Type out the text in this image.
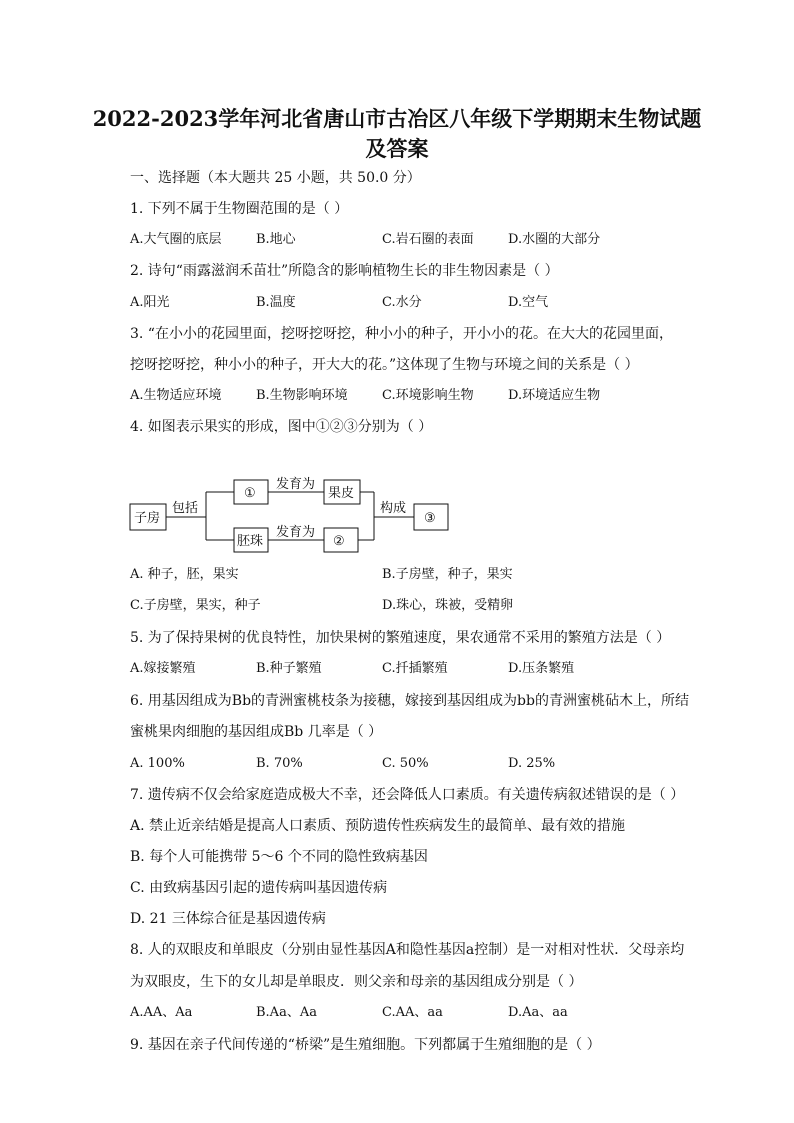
2022-2023学年河北省唐山市古冶区八年级下学期期末生物试题
及答案
一、选择题（本大题共 25 小题，共 50.0 分）
1. 下列不属于生物圈范围的是（ ）
A.大气圈的底层	B.地心	C.岩石圈的表面	D.水圈的大部分
2. 诗句“雨露滋润禾苗壮”所隐含的影响植物生长的非生物因素是（ ）
A.阳光	B.温度	C.水分	D.空气
3. “在小小的花园里面，挖呀挖呀挖，种小小的种子，开小小的花。在大大的花园里面，
挖呀挖呀挖，种小小的种子，开大大的花。”这体现了生物与环境之间的关系是（ ）
A.生物适应环境	B.生物影响环境	C.环境影响生物	D.环境适应生物
4. 如图表示果实的形成，图中①②③分别为（ ）
子房
包括
①
发育为
果皮
胚珠
发育为
②
构成
③
A. 种子，胚，果实	B.子房壁，种子，果实
C.子房壁，果实，种子	D.珠心，珠被，受精卵
5. 为了保持果树的优良特性，加快果树的繁殖速度，果农通常不采用的繁殖方法是（ ）
A.嫁接繁殖	B.种子繁殖	C.扦插繁殖	D.压条繁殖
6. 用基因组成为Bb的青洲蜜桃枝条为接穗，嫁接到基因组成为bb的青洲蜜桃砧木上，所结
蜜桃果肉细胞的基因组成Bb 几率是（ ）
A. 100%	B. 70%	C. 50%	D. 25%
7. 遗传病不仅会给家庭造成极大不幸，还会降低人口素质。有关遗传病叙述错误的是（ ）
A. 禁止近亲结婚是提高人口素质、预防遗传性疾病发生的最简单、最有效的措施
B. 每个人可能携带 5～6 个不同的隐性致病基因
C. 由致病基因引起的遗传病叫基因遗传病
D. 21 三体综合征是基因遗传病
8. 人的双眼皮和单眼皮（分别由显性基因A和隐性基因a控制）是一对相对性状．父母亲均
为双眼皮，生下的女儿却是单眼皮．则父亲和母亲的基因组成分别是（ ）
A.AA、Aa	B.Aa、Aa	C.AA、aa	D.Aa、aa
9. 基因在亲子代间传递的“桥梁”是生殖细胞。下列都属于生殖细胞的是（ ）
